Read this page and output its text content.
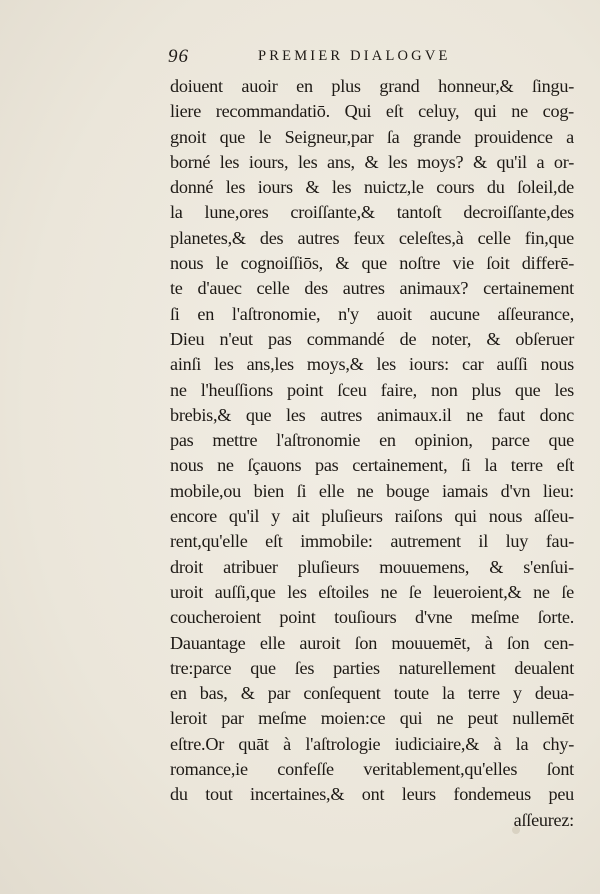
96	PREMIER DIALOGVE
doiuent auoir en plus grand honneur,& ſingu-
liere recommandatiō. Qui eſt celuy, qui ne cog-
gnoit que le Seigneur,par ſa grande prouidence a
borné les iours, les ans, & les moys? & qu'il a or-
donné les iours & les nuictz,le cours du ſoleil,de
la lune,ores croiſſante,& tantoſt decroiſſante,des
planetes,& des autres feux celeſtes,à celle fin,que
nous le cognoiſſiōs, & que noſtre vie ſoit differē-
te d'auec celle des autres animaux? certainement
ſi en l'aſtronomie, n'y auoit aucune aſſeurance,
Dieu n'eut pas commandé de noter, & obſeruer
ainſi les ans,les moys,& les iours: car auſſi nous
ne l'heuſſions point ſceu faire, non plus que les
brebis,& que les autres animaux.il ne faut donc
pas mettre l'aſtronomie en opinion, parce que
nous ne ſçauons pas certainement, ſi la terre eſt
mobile,ou bien ſi elle ne bouge iamais d'vn lieu:
encore qu'il y ait pluſieurs raiſons qui nous aſſeu-
rent,qu'elle eſt immobile: autrement il luy fau-
droit atribuer pluſieurs mouuemens, & s'enſui-
uroit auſſi,que les eſtoiles ne ſe leueroient,& ne ſe
coucheroient point touſiours d'vne meſme ſorte.
Dauantage elle auroit ſon mouuemēt, à ſon cen-
tre:parce que ſes parties naturellement deualent
en bas, & par conſequent toute la terre y deua-
leroit par meſme moien:ce qui ne peut nullemēt
eſtre.Or quāt à l'aſtrologie iudiciaire,& à la chy-
romance,ie confeſſe veritablement,qu'elles ſont
du tout incertaines,& ont leurs fondemeus peu
aſſeurez:
